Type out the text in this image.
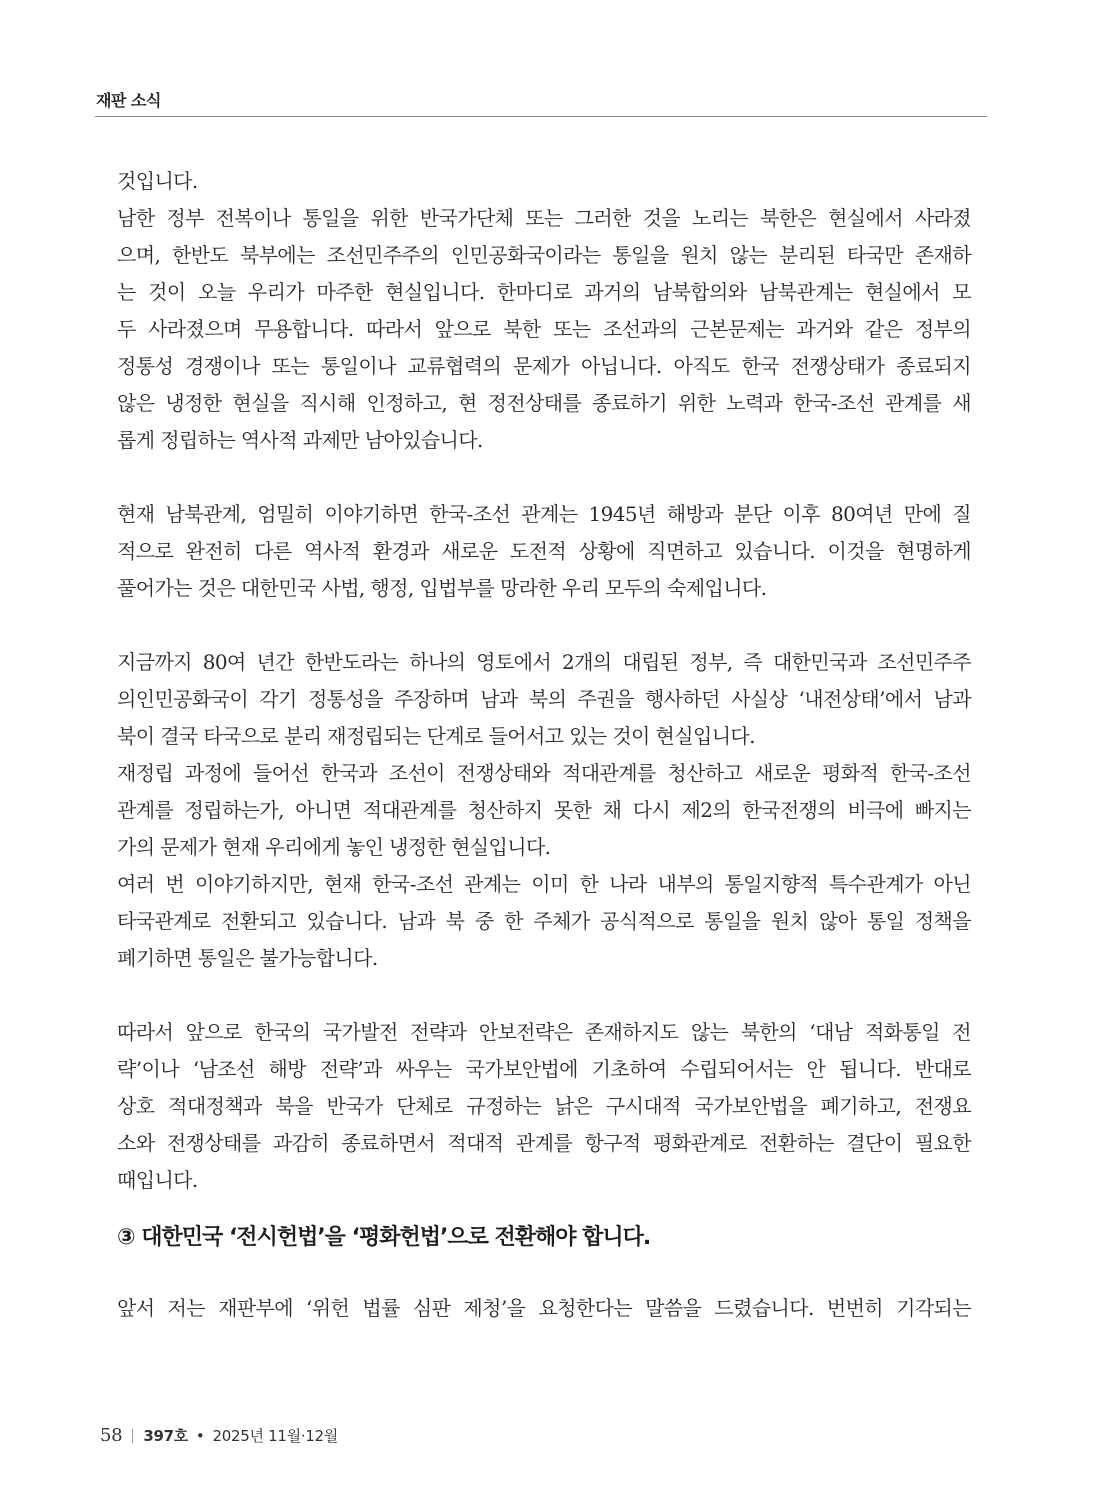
재판 소식

것입니다.
남한 정부 전복이나 통일을 위한 반국가단체 또는 그러한 것을 노리는 북한은 현실에서 사라졌
으며, 한반도 북부에는 조선민주주의 인민공화국이라는 통일을 원치 않는 분리된 타국만 존재하
는 것이 오늘 우리가 마주한 현실입니다. 한마디로 과거의 남북합의와 남북관계는 현실에서 모
두 사라졌으며 무용합니다. 따라서 앞으로 북한 또는 조선과의 근본문제는 과거와 같은 정부의
정통성 경쟁이나 또는 통일이나 교류협력의 문제가 아닙니다. 아직도 한국 전쟁상태가 종료되지
않은 냉정한 현실을 직시해 인정하고, 현 정전상태를 종료하기 위한 노력과 한국-조선 관계를 새
롭게 정립하는 역사적 과제만 남아있습니다.

현재 남북관계, 엄밀히 이야기하면 한국-조선 관계는 1945년 해방과 분단 이후 80여년 만에 질
적으로 완전히 다른 역사적 환경과 새로운 도전적 상황에 직면하고 있습니다. 이것을 현명하게
풀어가는 것은 대한민국 사법, 행정, 입법부를 망라한 우리 모두의 숙제입니다.

지금까지 80여 년간 한반도라는 하나의 영토에서 2개의 대립된 정부, 즉 대한민국과 조선민주주
의인민공화국이 각기 정통성을 주장하며 남과 북의 주권을 행사하던 사실상 ‘내전상태’에서 남과
북이 결국 타국으로 분리 재정립되는 단계로 들어서고 있는 것이 현실입니다.
재정립 과정에 들어선 한국과 조선이 전쟁상태와 적대관계를 청산하고 새로운 평화적 한국-조선
관계를 정립하는가, 아니면 적대관계를 청산하지 못한 채 다시 제2의 한국전쟁의 비극에 빠지는
가의 문제가 현재 우리에게 놓인 냉정한 현실입니다.
여러 번 이야기하지만, 현재 한국-조선 관계는 이미 한 나라 내부의 통일지향적 특수관계가 아닌
타국관계로 전환되고 있습니다. 남과 북 중 한 주체가 공식적으로 통일을 원치 않아 통일 정책을
폐기하면 통일은 불가능합니다.

따라서 앞으로 한국의 국가발전 전략과 안보전략은 존재하지도 않는 북한의 ‘대남 적화통일 전
략’이나 ‘남조선 해방 전략’과 싸우는 국가보안법에 기초하여 수립되어서는 안 됩니다. 반대로
상호 적대정책과 북을 반국가 단체로 규정하는 낡은 구시대적 국가보안법을 폐기하고, 전쟁요
소와 전쟁상태를 과감히 종료하면서 적대적 관계를 항구적 평화관계로 전환하는 결단이 필요한
때입니다.

③ 대한민국 ‘전시헌법’을 ‘평화헌법’으로 전환해야 합니다.

앞서 저는 재판부에 ‘위헌 법률 심판 제청’을 요청한다는 말씀을 드렸습니다. 번번히 기각되는

58 397호 • 2025년 11월·12월
